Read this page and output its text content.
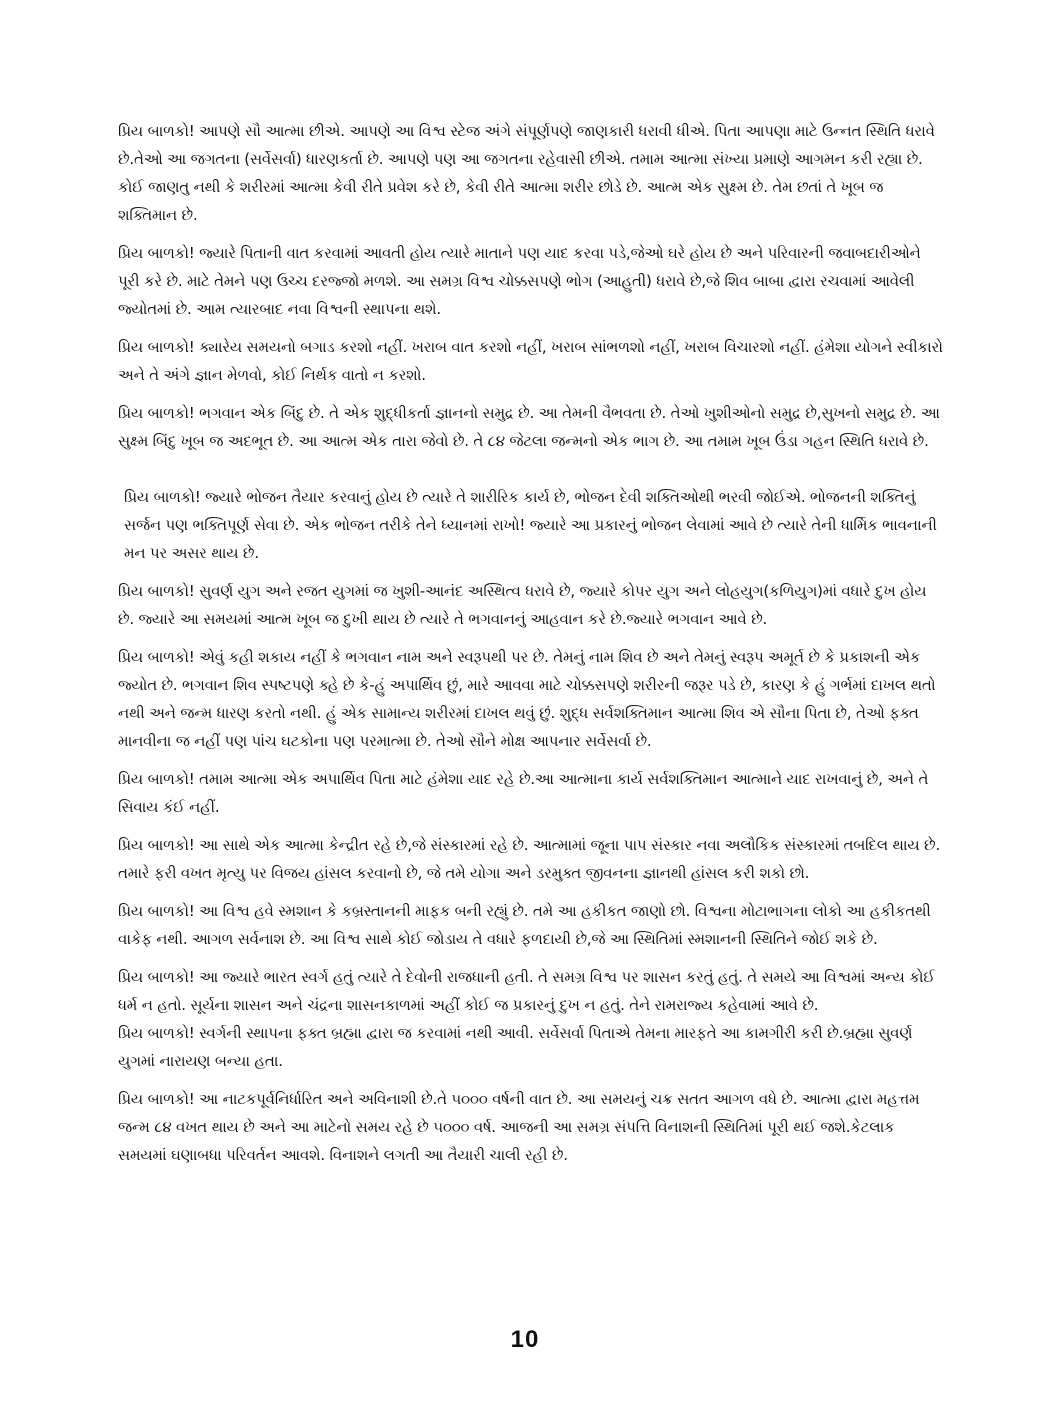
પ્રિય બાળકો! આપણે સૌ આત્મા છીએ. આપણે આ વિશ્વ સ્ટેજ અંગે સંપૂર્ણપણે જાણકારી ધરાવી ધીએ. પિતા આપણા માટે ઉન્નત સ્થિતિ ધરાવે છે.તેઓ આ જગતના (સર્વેસર્વા) ધારણકર્તા છે. આપણે પણ આ જગતના રહેવાસી છીએ. તમામ આત્મા સંખ્યા પ્રમાણે આગમન કરી રહ્યા છે. કોઈ જાણતુ નથી કે શરીરમાં આત્મા કેવી રીતે પ્રવેશ કરે છે, કેવી રીતે આત્મા શરીર છોડે છે. આત્મ એક સુક્ષ્મ છે. તેમ છતાં તે ખૂબ જ શક્તિમાન છે.

પ્રિય બાળકો! જ્યારે પિતાની વાત કરવામાં આવતી હોય ત્યારે માતાને પણ યાદ કરવા પડે,જેઓ ઘરે હોય છે અને પરિવારની જવાબદારીઓને પૂરી કરે છે. માટે તેમને પણ ઉચ્ચ દરજ્જો મળશે. આ સમગ્ર વિશ્વ ચોક્કસપણે ભોગ (આહુતી) ધરાવે છે,જે શિવ બાબા દ્વારા રચવામાં આવેલી જ્યોતમાં છે. આમ ત્યારબાદ નવા વિશ્વની સ્થાપના થશે.

પ્રિય બાળકો! ક્યારેય સમયનો બગાડ કરશો નહીં. ખરાબ વાત કરશો નહીં, ખરાબ સાંભળશો નહીં, ખરાબ વિચારશો નહીં. હંમેશા યોગને સ્વીકારો અને તે અંગે જ્ઞાન મેળવો, કોઈ નિર્થક વાતો ન કરશો.

પ્રિય બાળકો! ભગવાન એક બિંદુ છે. તે એક શુદ્ધીકર્તા જ્ઞાનનો સમુદ્ર છે. આ તેમની વૈભવતા છે. તેઓ ખુશીઓનો સમુદ્ર છે,સુખનો સમુદ્ર છે. આ સુક્ષ્મ બિંદુ ખૂબ જ અદભૂત છે. આ આત્મ એક તારા જેવો છે. તે ૮૪ જેટલા જન્મનો એક ભાગ છે. આ તમામ ખૂબ ઉંડા ગહન સ્થિતિ ધરાવે છે.

પ્રિય બાળકો! જ્યારે ભોજન તૈયાર કરવાનું હોય છે ત્યારે તે શારીરિક કાર્ય છે, ભોજન દેવી શક્તિઓથી ભરવી જોઈએ. ભોજનની શક્તિનું સર્જન પણ ભક્તિપૂર્ણ સેવા છે. એક ભોજન તરીકે તેને ધ્યાનમાં રાખો! જ્યારે આ પ્રકારનું ભોજન લેવામાં આવે છે ત્યારે તેની ધાર્મિક ભાવનાની મન પર અસર થાય છે.

પ્રિય બાળકો! સુવર્ણ યુગ અને રજત યુગમાં જ ખુશી-આનંદ અસ્થિત્વ ધરાવે છે, જ્યારે કોપર યુગ અને લોહયુગ(કળિયુગ)માં વધારે દુખ હોય છે. જ્યારે આ સમયમાં આત્મ ખૂબ જ દુખી થાય છે ત્યારે તે ભગવાનનું આહવાન કરે છે.જ્યારે ભગવાન આવે છે.

પ્રિય બાળકો! એવું કહી શકાય નહીં કે ભગવાન નામ અને સ્વરૂપથી પર છે. તેમનું નામ શિવ છે અને તેમનું સ્વરૂપ અમૂર્ત છે કે પ્રકાશની એક જ્યોત છે. ભગવાન શિવ સ્પષ્ટપણે ક્હે છે કે-હું અપાર્થિવ છું, મારે આવવા માટે ચોક્કસપણે શરીરની જરૂર પડે છે, કારણ કે હું ગર્ભમાં દાખલ થતો નથી અને જન્મ ધારણ કરતો નથી. હું એક સામાન્ય શરીરમાં દાખલ થવું છું. શુદ્ધ સર્વશક્તિમાન આત્મા શિવ એ સૌના પિતા છે, તેઓ ફક્ત માનવીના જ નહીં પણ પાંચ ઘટકોના પણ પરમાત્મા છે. તેઓ સૌને મોક્ષ આપનાર સર્વેસર્વા છે.

પ્રિય બાળકો! તમામ આત્મા એક અપાર્થિવ પિતા માટે હંમેશા યાદ રહે છે.આ આત્માના કાર્ય સર્વશક્તિમાન આત્માને યાદ રાખવાનું છે, અને તે સિવાય કંઈ નહીં.

પ્રિય બાળકો! આ સાથે એક આત્મા કેન્દ્રીત રહે છે,જે સંસ્કારમાં રહે છે. આત્મામાં જૂના પાપ સંસ્કાર નવા અલૌકિક સંસ્કારમાં તબદિલ થાય છે. તમારે ફરી વખત મૃત્યુ પર વિજય હાંસલ કરવાનો છે, જે તમે યોગા અને ડરમુક્ત જીવનના જ્ઞાનથી હાંસલ કરી શકો છો.

પ્રિય બાળકો! આ વિશ્વ હવે સ્મશાન કે કબ્રસ્તાનની માફક બની રહ્યું છે. તમે આ હકીકત જાણો છો. વિશ્વના મોટાભાગના લોકો આ હકીકતથી વાકેફ નથી. આગળ સર્વનાશ છે. આ વિશ્વ સાથે કોઈ જોડાય તે વધારે ફળદાયી છે,જે આ સ્થિતિમાં સ્મશાનની સ્થિતિને જોઈ શકે છે.

પ્રિય બાળકો! આ જ્યારે ભારત સ્વર્ગ હતું ત્યારે તે દેવોની રાજધાની હતી. તે સમગ્ર વિશ્વ પર શાસન કરતું હતું. તે સમયે આ વિશ્વમાં અન્ય કોઈ ધર્મ ન હતો. સૂર્યના શાસન અને ચંદ્રના શાસનકાળમાં અહીં કોઈ જ પ્રકારનું દુખ ન હતું. તેને રામરાજ્ય કહેવામાં આવે છે.

પ્રિય બાળકો! સ્વર્ગની સ્થાપના ફક્ત બ્રહ્મા દ્વારા જ કરવામાં નથી આવી. સર્વેસર્વા પિતાએ તેમના મારફતે આ કામગીરી કરી છે.બ્રહ્મા સુવર્ણ યુગમાં નારાયણ બન્યા હતા.

પ્રિય બાળકો! આ નાટકપૂર્વનિર્ધારિત અને અવિનાશી છે.તે ૫૦૦૦ વર્ષની વાત છે. આ સમયનું ચક્ર સતત આગળ વધે છે. આત્મા દ્વારા મહત્તમ જન્મ ૮૪ વખત થાય છે અને આ માટેનો સમય રહે છે ૫૦૦૦ વર્ષ. આજની આ સમગ્ર સંપત્તિ વિનાશની સ્થિતિમાં પૂરી થઈ જશે.કેટલાક સમયમાં ઘણાબધા પરિવર્તન આવશે. વિનાશને લગતી આ તૈયારી ચાલી રહી છે.

10
